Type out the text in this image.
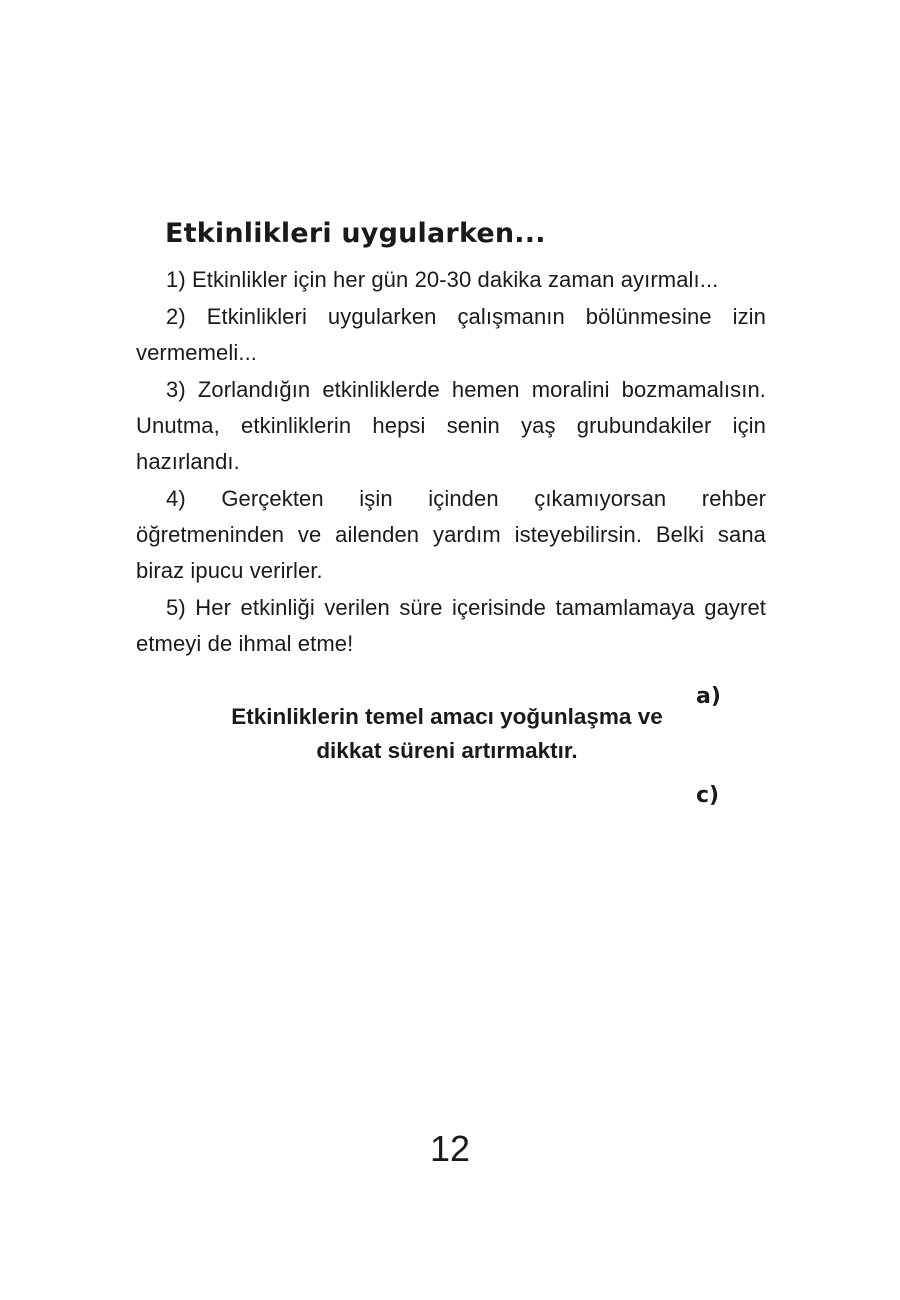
Etkinlikleri uygularken...
1) Etkinlikler için her gün 20-30 dakika zaman ayırmalı...
2) Etkinlikleri uygularken çalışmanın bölünmesine izin vermemeli...
3) Zorlandığın etkinliklerde hemen moralini bozmamalısın. Unutma, etkinliklerin hepsi senin yaş grubundakiler için hazırlandı.
4) Gerçekten işin içinden çıkamıyorsan rehber öğretmeninden ve ailenden yardım isteyebilirsin. Belki sana biraz ipucu verirler.
5) Her etkinliği verilen süre içerisinde tamamlamaya gayret etmeyi de ihmal etme!
Etkinliklerin temel amacı yoğunlaşma ve
dikkat süreni artırmaktır.
a)
c)
12
